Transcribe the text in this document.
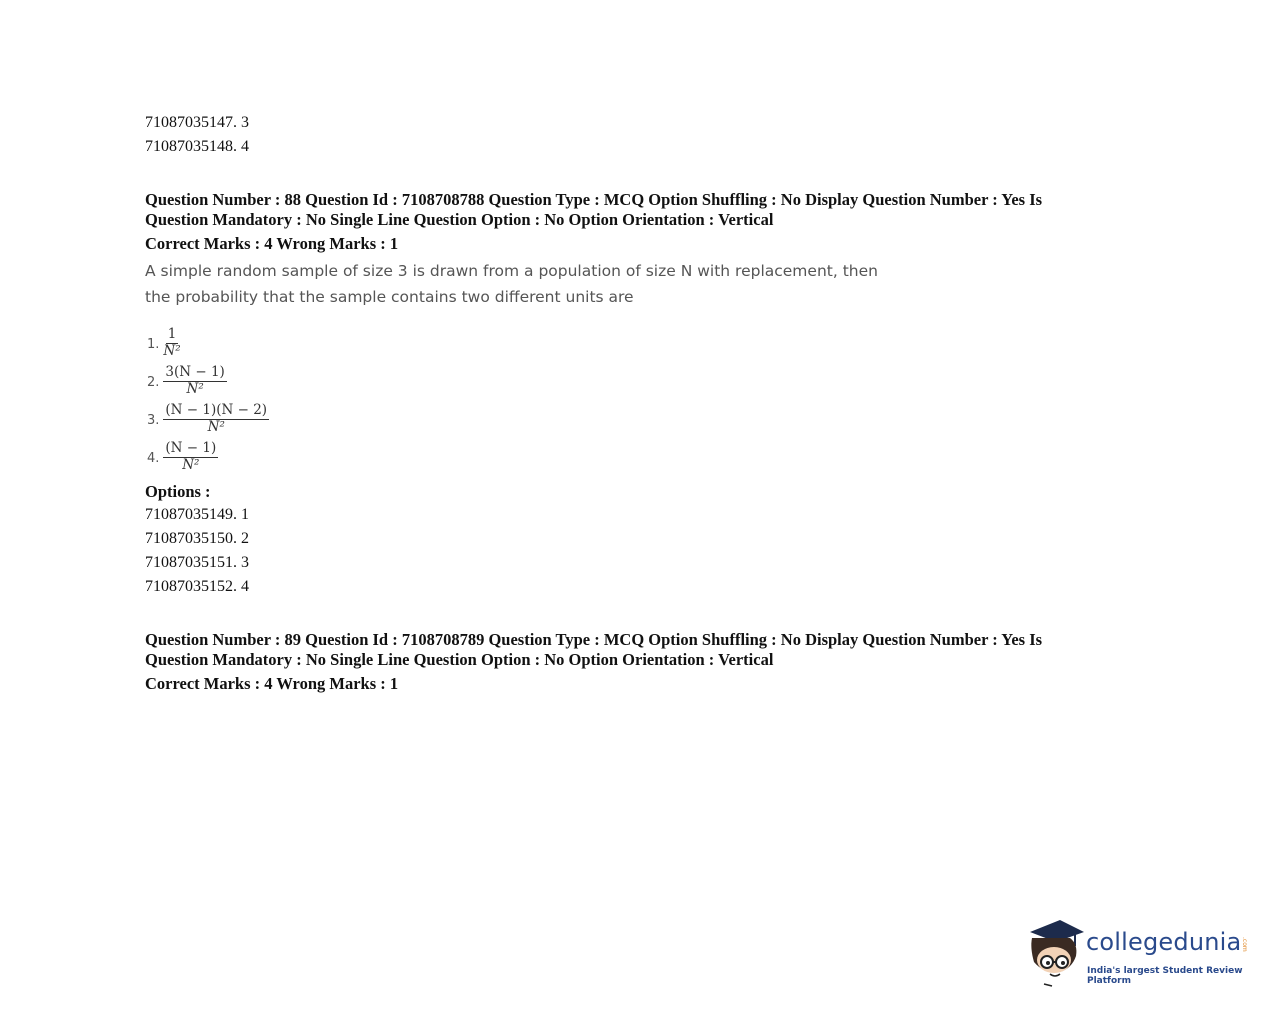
71087035147. 3
71087035148. 4
Question Number : 88 Question Id : 7108708788 Question Type : MCQ Option Shuffling : No Display Question Number : Yes Is
Question Mandatory : No Single Line Question Option : No Option Orientation : Vertical
Correct Marks : 4 Wrong Marks : 1
A simple random sample of size 3 is drawn from a population of size N with replacement, then
the probability that the sample contains two different units are
1. $\frac{1}{\text{N²}}$
2. $\frac{3(N - 1)}{\text{N²}}$
3. $\frac{(N - 1)(N - 2)}{\text{N²}}$
4. $\frac{(N - 1)}{\text{N²}}$
Options :
71087035149. 1
71087035150. 2
71087035151. 3
71087035152. 4
Question Number : 89 Question Id : 7108708789 Question Type : MCQ Option Shuffling : No Display Question Number : Yes Is
Question Mandatory : No Single Line Question Option : No Option Orientation : Vertical
Correct Marks : 4 Wrong Marks : 1
collegedunia .com
India's largest Student Review Platform
